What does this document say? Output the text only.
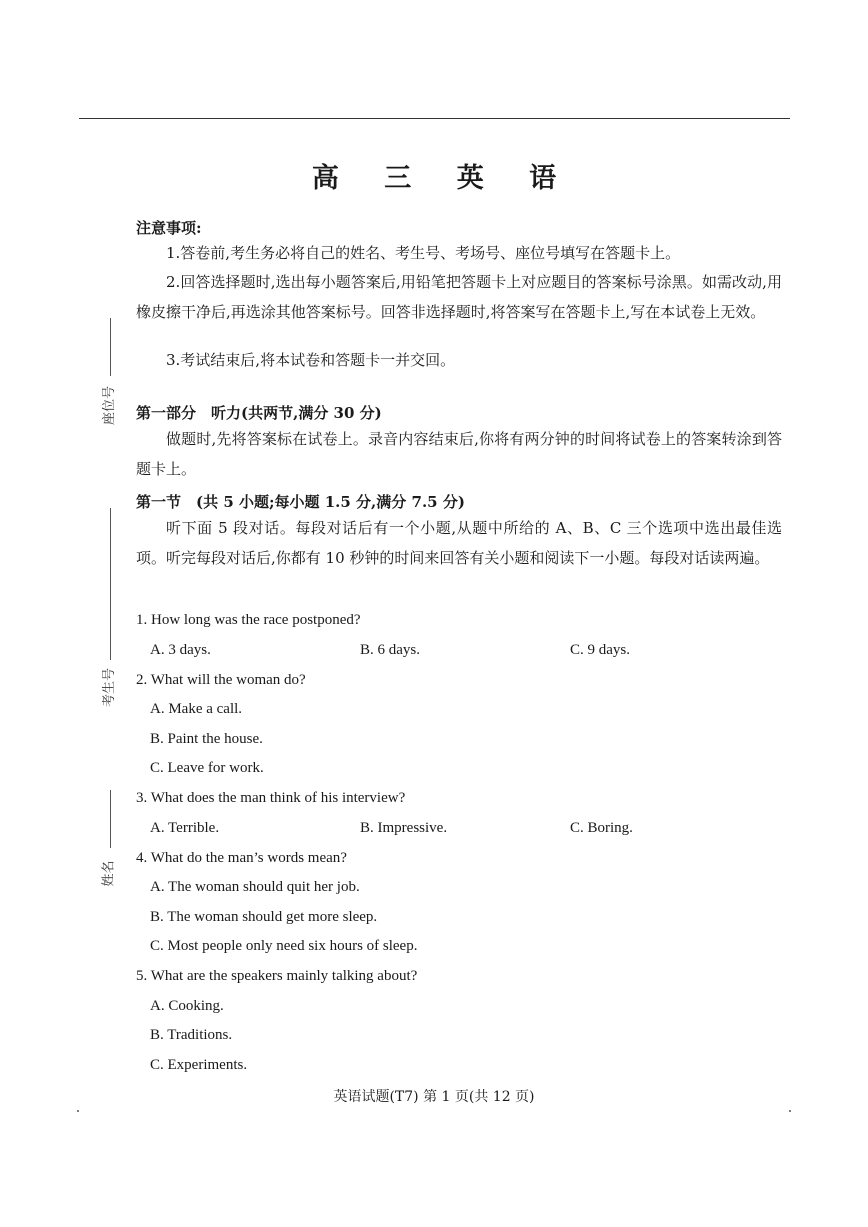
座位号
考生号
姓名
高 三 英 语
注意事项:
1.答卷前,考生务必将自己的姓名、考生号、考场号、座位号填写在答题卡上。
2.回答选择题时,选出每小题答案后,用铅笔把答题卡上对应题目的答案标号涂黑。如需改动,用橡皮擦干净后,再选涂其他答案标号。回答非选择题时,将答案写在答题卡上,写在本试卷上无效。
3.考试结束后,将本试卷和答题卡一并交回。
第一部分　听力(共两节,满分 30 分)
做题时,先将答案标在试卷上。录音内容结束后,你将有两分钟的时间将试卷上的答案转涂到答题卡上。
第一节　(共 5 小题;每小题 1.5 分,满分 7.5 分)
听下面 5 段对话。每段对话后有一个小题,从题中所给的 A、B、C 三个选项中选出最佳选项。听完每段对话后,你都有 10 秒钟的时间来回答有关小题和阅读下一小题。每段对话读两遍。
1. How long was the race postponed?
A. 3 days.	B. 6 days.	C. 9 days.
2. What will the woman do?
A. Make a call.
B. Paint the house.
C. Leave for work.
3. What does the man think of his interview?
A. Terrible.	B. Impressive.	C. Boring.
4. What do the man’s words mean?
A. The woman should quit her job.
B. The woman should get more sleep.
C. Most people only need six hours of sleep.
5. What are the speakers mainly talking about?
A. Cooking.
B. Traditions.
C. Experiments.
英语试题(T7) 第 1 页(共 12 页)
